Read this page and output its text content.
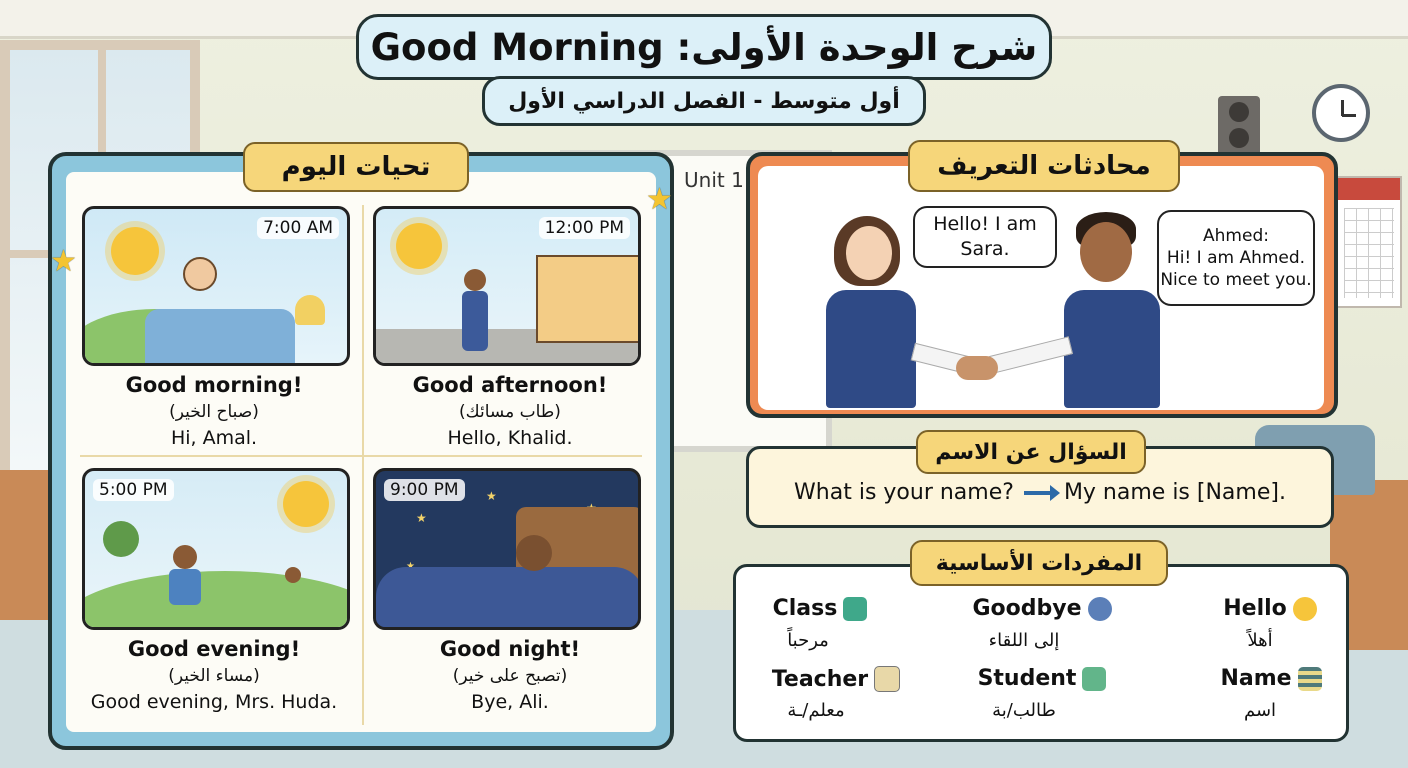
Unit 1
شرح الوحدة الأولى: Good Morning
أول متوسط - الفصل الدراسي الأول
★
★
تحيات اليوم
7:00 AM
Good morning!
(صباح الخير)
Hi, Amal.
12:00 PM
Good afternoon!
(طاب مسائك)
Hello, Khalid.
5:00 PM
Good evening!
(مساء الخير)
Good evening, Mrs. Huda.
★
★
9:00 PM
Good night!
(تصبح على خير)
Bye, Ali.
محادثات التعريف
Hello! I am
Sara.
Ahmed:
Hi! I am Ahmed.
Nice to meet you.
السؤال عن الاسم
What is your name? My name is [Name].
المفردات الأساسية
Class
مرحباً
Goodbye
إلى اللقاء
Hello
أهلاً
Teacher
معلم/ـة
Student
طالب/بة
Name
اسم
